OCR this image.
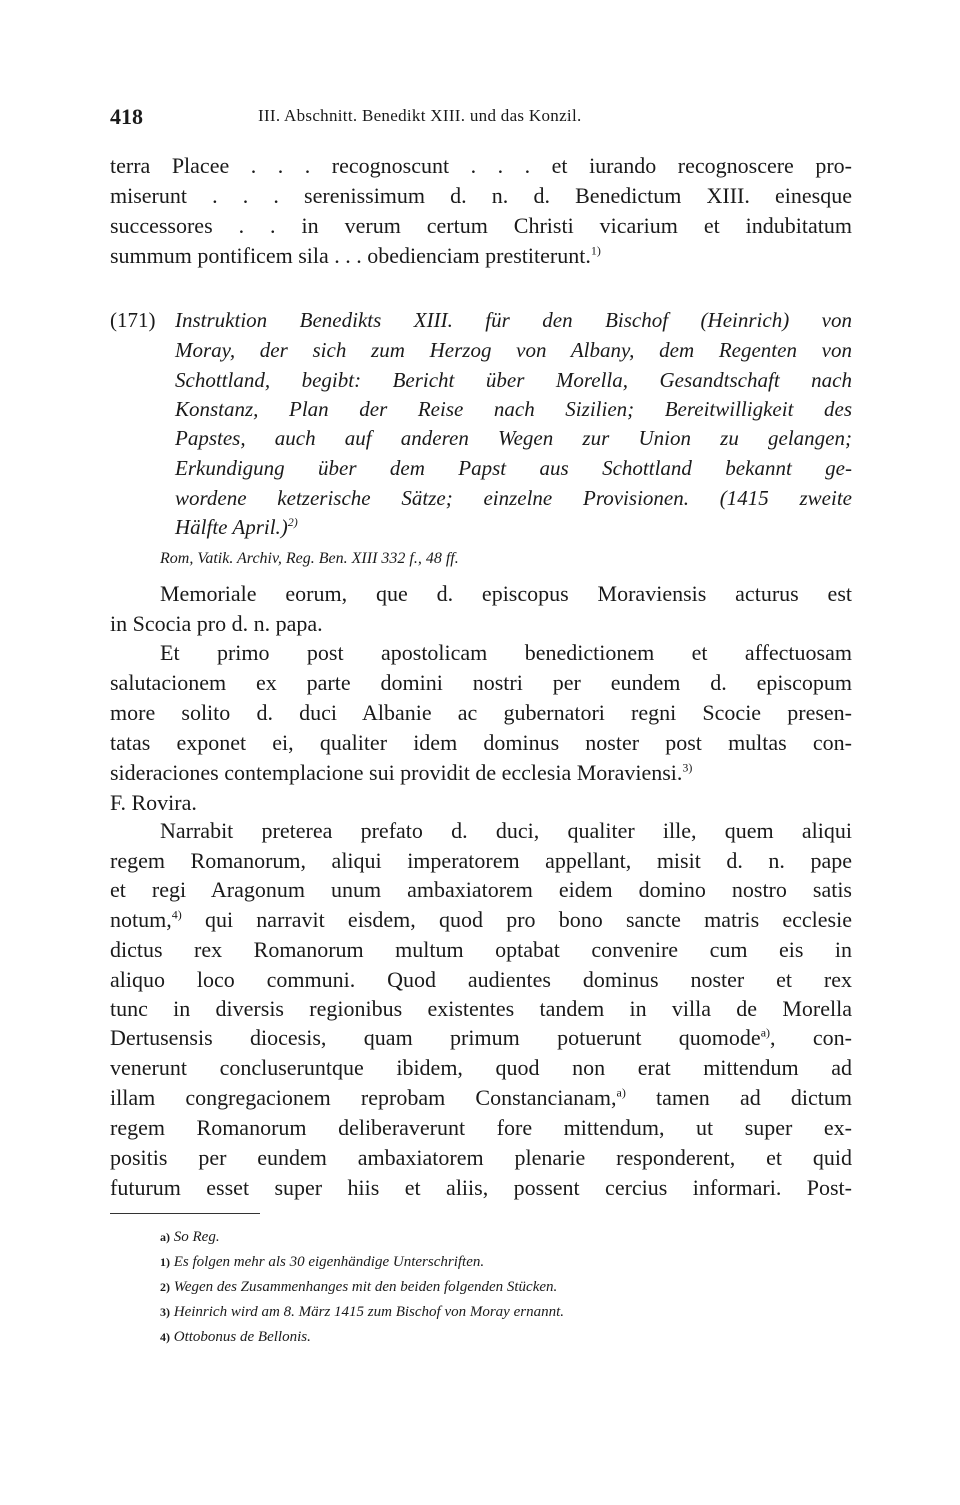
418	III. Abschnitt. Benedikt XIII. und das Konzil.
terra Placee . . . recognoscunt . . . et iurando recognoscere pro-
miserunt . . . serenissimum d. n. d. Benedictum XIII. einesque
successores . . in verum certum Christi vicarium et indubitatum
summum pontificem sila . . . obedienciam prestiterunt.$^{1)}$
(171) Instruktion Benedikts XIII. für den Bischof (Heinrich) von
Moray, der sich zum Herzog von Albany, dem Regenten von
Schottland, begibt: Bericht über Morella, Gesandtschaft nach
Konstanz, Plan der Reise nach Sizilien; Bereitwilligkeit des
Papstes, auch auf anderen Wegen zur Union zu gelangen;
Erkundigung über dem Papst aus Schottland bekannt ge-
wordene ketzerische Sätze; einzelne Provisionen. (1415 zweite
Hälfte April.)$^{2)}$
Rom, Vatik. Archiv, Reg. Ben. XIII 332 f., 48 ff.
Memoriale eorum, que d. episcopus Moraviensis acturus est
in Scocia pro d. n. papa.
Et primo post apostolicam benedictionem et affectuosam
salutacionem ex parte domini nostri per eundem d. episcopum
more solito d. duci Albanie ac gubernatori regni Scocie presen-
tatas exponet ei, qualiter idem dominus noster post multas con-
sideraciones contemplacione sui providit de ecclesia Moraviensi.$^{3)}$
F. Rovira.
Narrabit preterea prefato d. duci, qualiter ille, quem aliqui
regem Romanorum, aliqui imperatorem appellant, misit d. n. pape
et regi Aragonum unum ambaxiatorem eidem domino nostro satis
notum,$^{4)}$ qui narravit eisdem, quod pro bono sancte matris ecclesie
dictus rex Romanorum multum optabat convenire cum eis in
aliquo loco communi. Quod audientes dominus noster et rex
tunc in diversis regionibus existentes tandem in villa de Morella
Dertusensis diocesis, quam primum potuerunt quomode$^{a)}$, con-
venerunt concluseruntque ibidem, quod non erat mittendum ad
illam congregacionem reprobam Constancianam,$^{a)}$ tamen ad dictum
regem Romanorum deliberaverunt fore mittendum, ut super ex-
positis per eundem ambaxiatorem plenarie responderent, et quid
futurum esset super hiis et aliis, possent cercius informari. Post-
a) So Reg.
1) Es folgen mehr als 30 eigenhändige Unterschriften.
2) Wegen des Zusammenhanges mit den beiden folgenden Stücken.
3) Heinrich wird am 8. März 1415 zum Bischof von Moray ernannt.
4) Ottobonus de Bellonis.
